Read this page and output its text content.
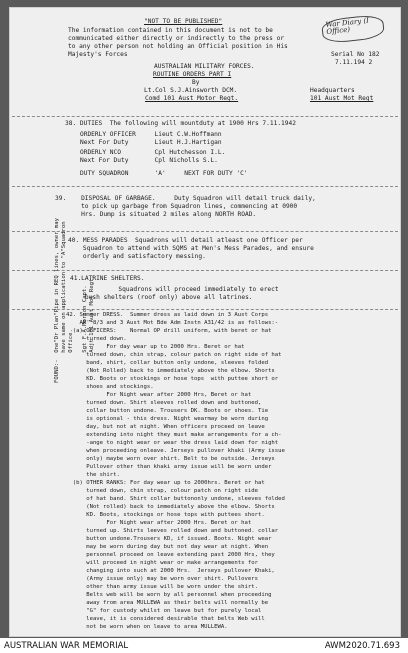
"NOT TO BE PUBLISHED"
The information contained in this document is not to be
communicated either directly or indirectly to the press or
to any other person not holding an Official position in His
Majesty's Forces
War Diary (I Office)
Serial No 182
7.11.194 2
AUSTRALIAN MILITARY FORCES.
ROUTINE ORDERS PART I
By
Lt.Col S.J.Ainsworth DCM.
Comd 101 Aust Motor Regt.
Headquarters
101 Aust Mot Regt
38. DUTIES  The following will mountduty at 1900 Hrs 7.11.1942
ORDERLY OFFICER     Lieut C.W.Hoffmann
Next For Duty       Lieut H.J.Hartigan
ORDERLY NCO         Cpl Hutchesson I.L.
Next For Duty       Cpl Nicholls S.L.
DUTY SQUADRON       'A'     NEXT FOR DUTY 'C'
39.    DISPOSAL OF GARBAGE.     Duty Squadron will detail truck daily,
to pick up garbage from Squadron lines, commencing at 0900
Hrs. Dump is situated 2 miles along NORTH ROAD.
40. MESS PARADES  Squadrons will detail atleast one Officer per
Squadron to attend with SQMS at Men's Mess Parades, and ensure
orderly and satisfactory messing.
41.LATRINE SHELTERS.
Squadrons will proceed immediately to erect
bush shelters (roof only) above all latrines.
42. Summer DRESS.  Summer dress as laid down in 3 Aust Corps
AR' 8/3 and 3 Aust Mot Bde Adm Instn A31/42 is as follows:-
(a) OFFICERS:    Normal OP drill uniform, with beret or hat
turned down.
For day wear up to 2000 Hrs. Beret or hat
turned down, chin strap, colour patch on right side of hat
band, shirt, collar button only undone, sleeves folded
(Not Rolled) back to immediately above the elbow. Shorts
KD. Boots or stockings or hose tops  with puttee short or
shoes and stockings.
For Night wear after 2000 Hrs, Beret or hat
turned down. Shirt sleeves rolled down and buttoned,
collar button undone. Trousers DK. Boots or shoes. Tie
is optional - this dress. Night wearmay be worn during
day, but not at night. When officers proceed on leave
extending into night they must make arrangements for a ch-
-ange to night wear or wear the dress laid down for night
when proceeding onleave. Jerseys pullover khaki (Army issue
only) maybe worn over shirt. Belt to be outside. Jerseys
Pullover other than khaki army issue will be worn under
the shirt.
(b) OTHER RANKS: For day wear up to 2000hrs. Beret or hat
turned down, chin strap, colour patch on right side
of hat band. Shirt collar buttononly undone, sleeves folded
(Not rolled) back to immediately above the elbow. Shorts
KD. Boots, stockings or hose tops with puttees short.
For Night wear after 2000 Hrs. Beret or hat
turned up. Shirts leeves rolled down and buttoned. collar
button undone.Trousers KD, if issued. Boots. Night wear
may be worn during day but not day wear at night. When
personnel proceed on leave extending past 2000 Hrs, they
will proceed in night wear or make arrangements for
changing into such at 2000 Hrs.  Jerseys pullover Khaki,
(Army issue only) may be worn over shirt. Pullovers
other than army issue will be worn under the shirt.
Belts web will be worn by all personnel when proceeding
away from area MULLEWA as their belts will normally be
"G" for custody whilst on leave but for purely local
leave, it is considered desirable that belts Web will
not be worn when on leave to area MULLEWA.
FOUND:-  One"Dr Plan"Pipe in REQ lines, owner may have same on application to "A"Squadron Office.
Sgt F.A.Morson Capt. Adjt 101 Aust Mot Regt.
AUSTRALIAN WAR MEMORIAL	AWM2020.71.693
